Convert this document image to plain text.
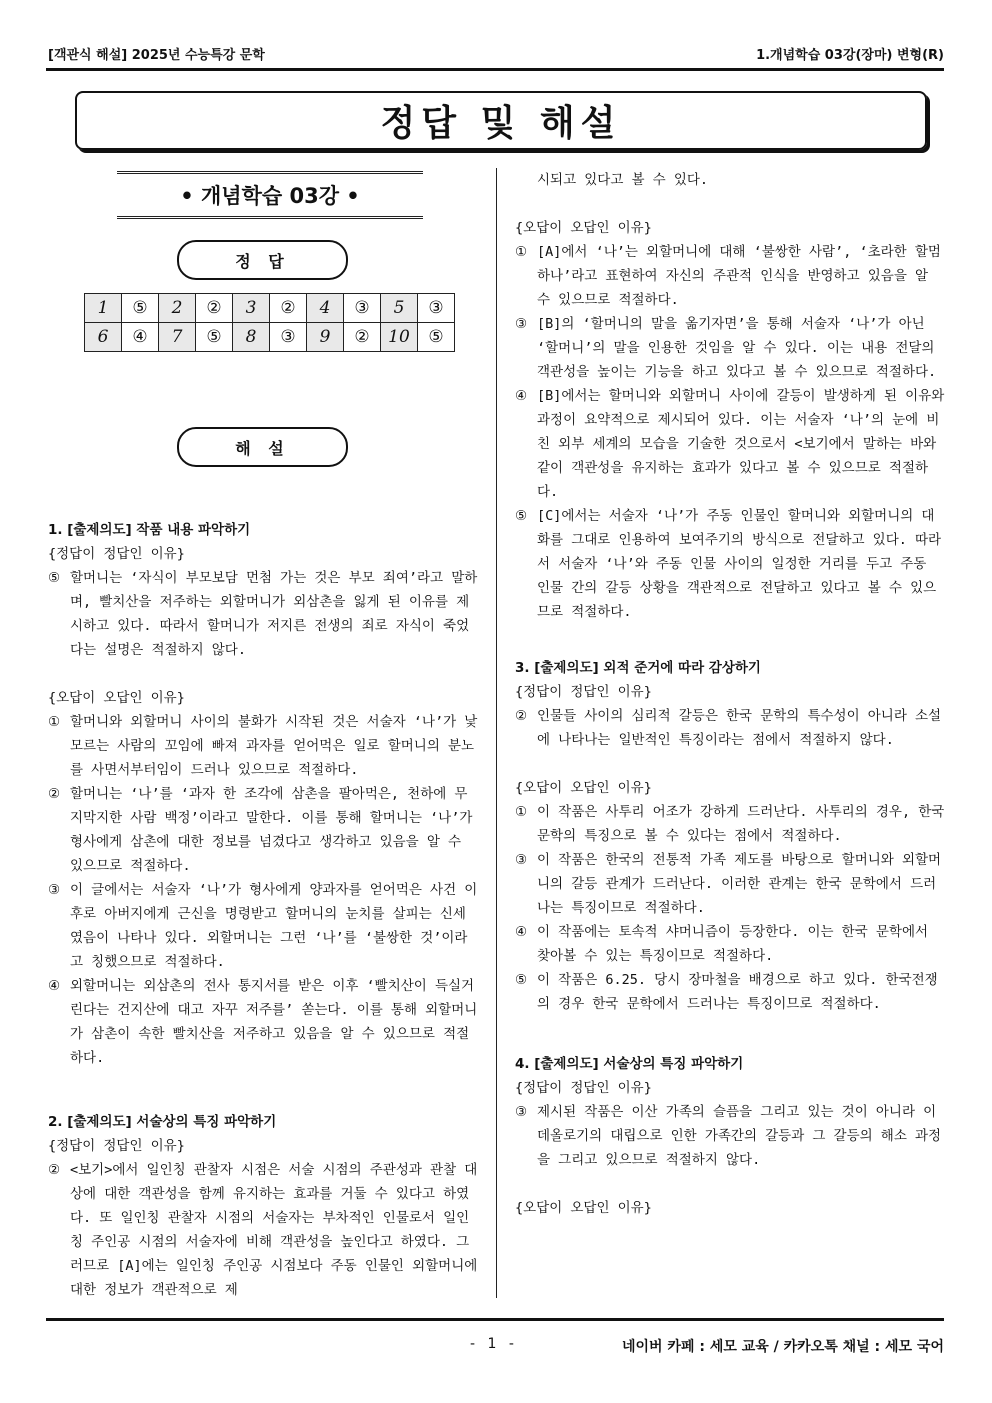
[객관식 해설] 2025년 수능특강 문학	1.개념학습 03강(장마) 변형(R)
정답 및 해설
• 개념학습 03강 •
정 답
1	⑤	2	②	3	②	4	③	5	③
6	④	7	⑤	8	③	9	②	10	⑤
해 설
1. [출제의도] 작품 내용 파악하기
{정답이 정답인 이유}
⑤ 할머니는 ‘자식이 부모보담 먼첨 가는 것은 부모 죄여’라고 말하며, 빨치산을 저주하는 외할머니가 외삼촌을 잃게 된 이유를 제시하고 있다. 따라서 할머니가 저지른 전생의 죄로 자식이 죽었다는 설명은 적절하지 않다.
{오답이 오답인 이유}
① 할머니와 외할머니 사이의 불화가 시작된 것은 서술자 ‘나’가 낯모르는 사람의 꼬임에 빠져 과자를 얻어먹은 일로 할머니의 분노를 사면서부터임이 드러나 있으므로 적절하다.
② 할머니는 ‘나’를 ‘과자 한 조각에 삼촌을 팔아먹은, 천하에 무지막지한 사람 백정’이라고 말한다. 이를 통해 할머니는 ‘나’가 형사에게 삼촌에 대한 정보를 넘겼다고 생각하고 있음을 알 수 있으므로 적절하다.
③ 이 글에서는 서술자 ‘나’가 형사에게 양과자를 얻어먹은 사건 이후로 아버지에게 근신을 명령받고 할머니의 눈치를 살피는 신세였음이 나타나 있다. 외할머니는 그런 ‘나’를 ‘불쌍한 것’이라고 칭했으므로 적절하다.
④ 외할머니는 외삼촌의 전사 통지서를 받은 이후 ‘빨치산이 득실거린다는 건지산에 대고 자꾸 저주를’ 쏟는다. 이를 통해 외할머니가 삼촌이 속한 빨치산을 저주하고 있음을 알 수 있으므로 적절하다.
2. [출제의도] 서술상의 특징 파악하기
{정답이 정답인 이유}
② <보기>에서 일인칭 관찰자 시점은 서술 시점의 주관성과 관찰 대상에 대한 객관성을 함께 유지하는 효과를 거둘 수 있다고 하였다. 또 일인칭 관찰자 시점의 서술자는 부차적인 인물로서 일인칭 주인공 시점의 서술자에 비해 객관성을 높인다고 하였다. 그러므로 [A]에는 일인칭 주인공 시점보다 주동 인물인 외할머니에 대한 정보가 객관적으로 제
시되고 있다고 볼 수 있다.
{오답이 오답인 이유}
① [A]에서 ‘나’는 외할머니에 대해 ‘불쌍한 사람’, ‘초라한 할멈 하나’라고 표현하여 자신의 주관적 인식을 반영하고 있음을 알 수 있으므로 적절하다.
③ [B]의 ‘할머니의 말을 옮기자면’을 통해 서술자 ‘나’가 아닌 ‘할머니’의 말을 인용한 것임을 알 수 있다. 이는 내용 전달의 객관성을 높이는 기능을 하고 있다고 볼 수 있으므로 적절하다.
④ [B]에서는 할머니와 외할머니 사이에 갈등이 발생하게 된 이유와 과정이 요약적으로 제시되어 있다. 이는 서술자 ‘나’의 눈에 비친 외부 세계의 모습을 기술한 것으로서 <보기에서 말하는 바와 같이 객관성을 유지하는 효과가 있다고 볼 수 있으므로 적절하다.
⑤ [C]에서는 서술자 ‘나’가 주동 인물인 할머니와 외할머니의 대화를 그대로 인용하여 보여주기의 방식으로 전달하고 있다. 따라서 서술자 ‘나’와 주동 인물 사이의 일정한 거리를 두고 주동 인물 간의 갈등 상황을 객관적으로 전달하고 있다고 볼 수 있으므로 적절하다.
3. [출제의도] 외적 준거에 따라 감상하기
{정답이 정답인 이유}
② 인물들 사이의 심리적 갈등은 한국 문학의 특수성이 아니라 소설에 나타나는 일반적인 특징이라는 점에서 적절하지 않다.
{오답이 오답인 이유}
① 이 작품은 사투리 어조가 강하게 드러난다. 사투리의 경우, 한국 문학의 특징으로 볼 수 있다는 점에서 적절하다.
③ 이 작품은 한국의 전통적 가족 제도를 바탕으로 할머니와 외할머니의 갈등 관계가 드러난다. 이러한 관계는 한국 문학에서 드러나는 특징이므로 적절하다.
④ 이 작품에는 토속적 샤머니즘이 등장한다. 이는 한국 문학에서 찾아볼 수 있는 특징이므로 적절하다.
⑤ 이 작품은 6.25. 당시 장마철을 배경으로 하고 있다. 한국전쟁의 경우 한국 문학에서 드러나는 특징이므로 적절하다.
4. [출제의도] 서술상의 특징 파악하기
{정답이 정답인 이유}
③ 제시된 작품은 이산 가족의 슬픔을 그리고 있는 것이 아니라 이데올로기의 대립으로 인한 가족간의 갈등과 그 갈등의 해소 과정을 그리고 있으므로 적절하지 않다.
{오답이 오답인 이유}
- 1 -	네이버 카페 : 세모 교육 / 카카오톡 채널 : 세모 국어
